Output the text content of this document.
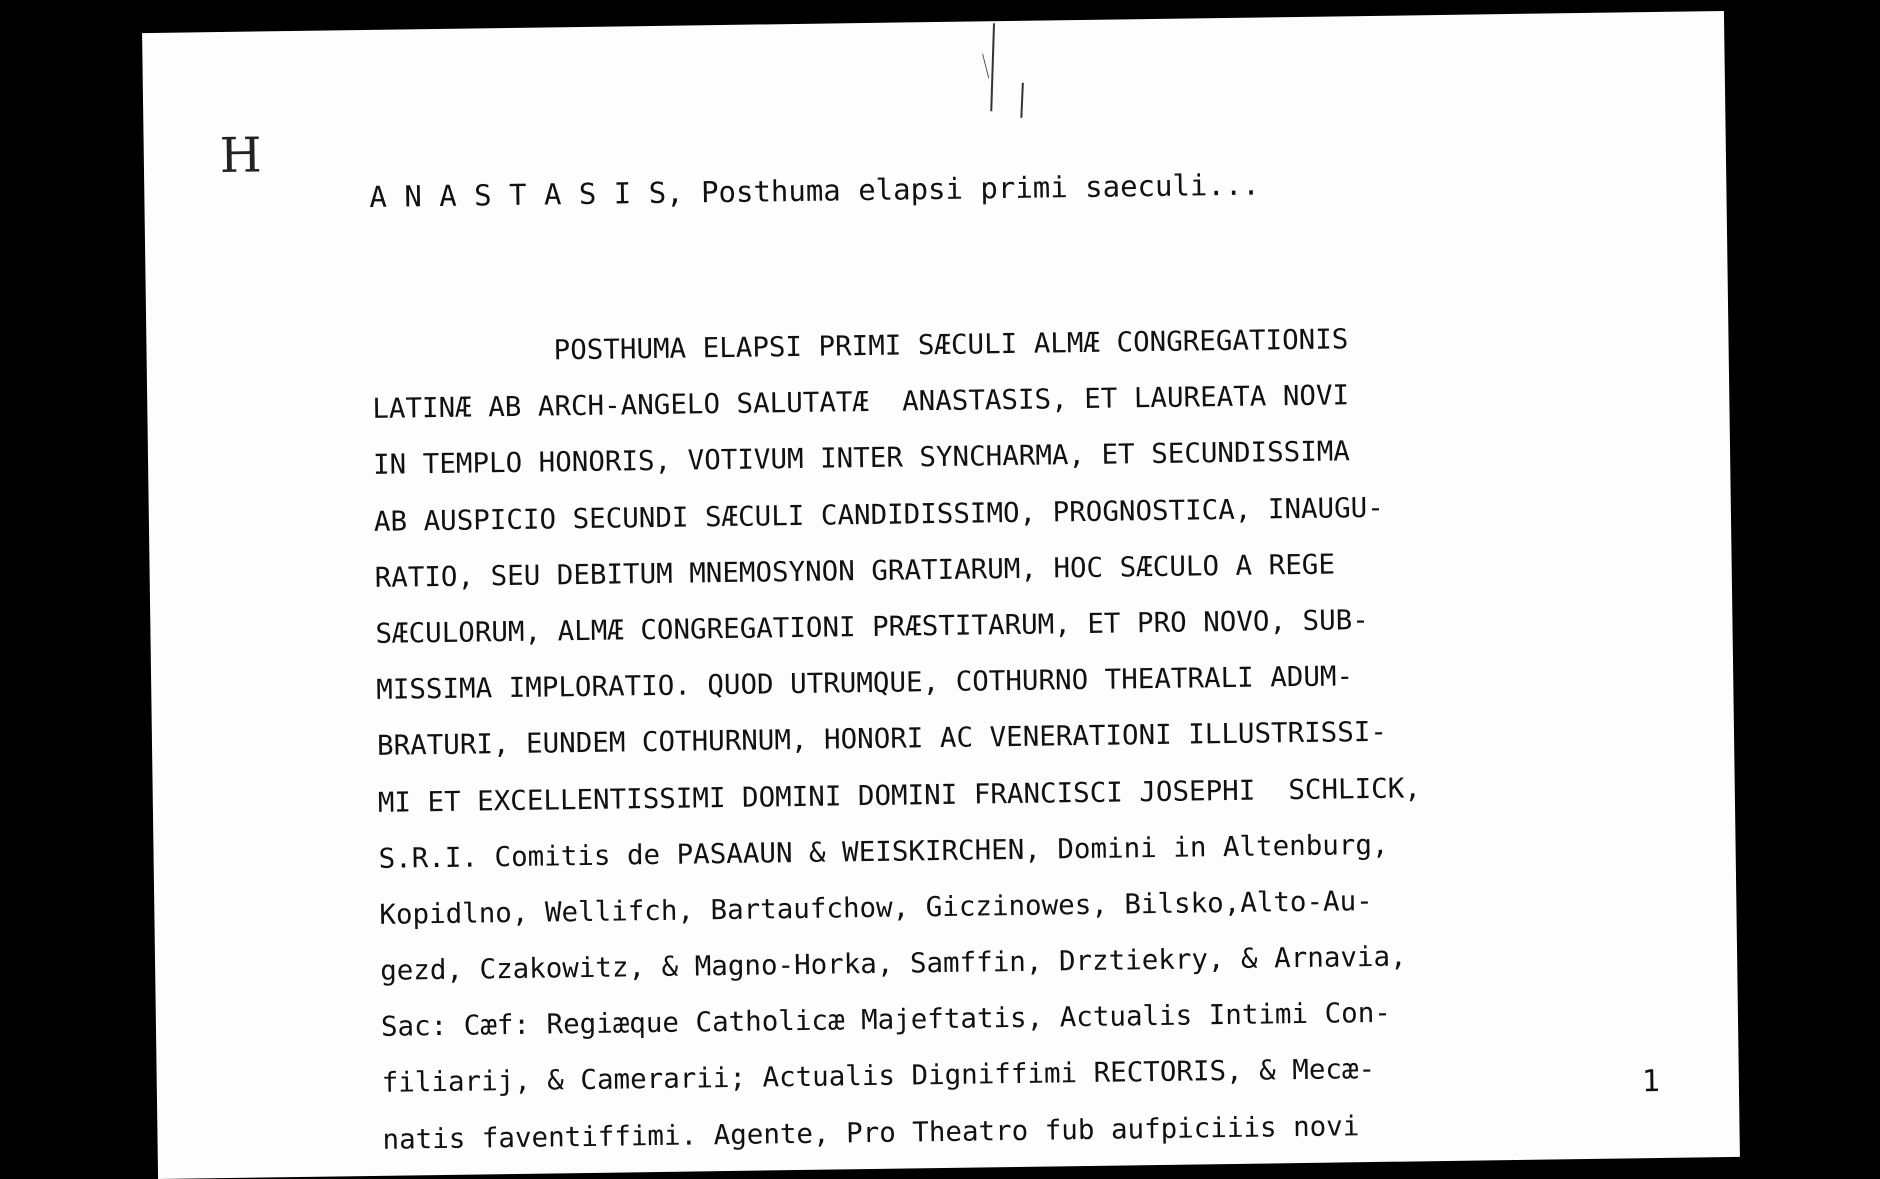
H
A N A S T A S I S, Posthuma elapsi primi saeculi...
POSTHUMA ELAPSI PRIMI SÆCULI ALMÆ CONGREGATIONIS
LATINÆ AB ARCH-ANGELO SALUTATÆ  ANASTASIS, ET LAUREATA NOVI
IN TEMPLO HONORIS, VOTIVUM INTER SYNCHARMA, ET SECUNDISSIMA
AB AUSPICIO SECUNDI SÆCULI CANDIDISSIMO, PROGNOSTICA, INAUGU-
RATIO, SEU DEBITUM MNEMOSYNON GRATIARUM, HOC SÆCULO A REGE
SÆCULORUM, ALMÆ CONGREGATIONI PRÆSTITARUM, ET PRO NOVO, SUB-
MISSIMA IMPLORATIO. QUOD UTRUMQUE, COTHURNO THEATRALI ADUM-
BRATURI, EUNDEM COTHURNUM, HONORI AC VENERATIONI ILLUSTRISSI-
MI ET EXCELLENTISSIMI DOMINI DOMINI FRANCISCI JOSEPHI  SCHLICK,
S.R.I. Comitis de PASAAUN & WEISKIRCHEN, Domini in Altenburg,
Kopidlno, Wellifch, Bartaufchow, Giczinowes, Bilsko,Alto-Au-
gezd, Czakowitz, & Magno-Horka, Samffin, Drztiekry, & Arnavia,
Sac: Cæf: Regiæque Catholicæ Majeftatis, Actualis Intimi Con-
filiarij, & Camerarii; Actualis Digniffimi RECTORIS, & Mecæ-
natis faventiffimi. Agente, Pro Theatro fub aufpiciiis novi
1
